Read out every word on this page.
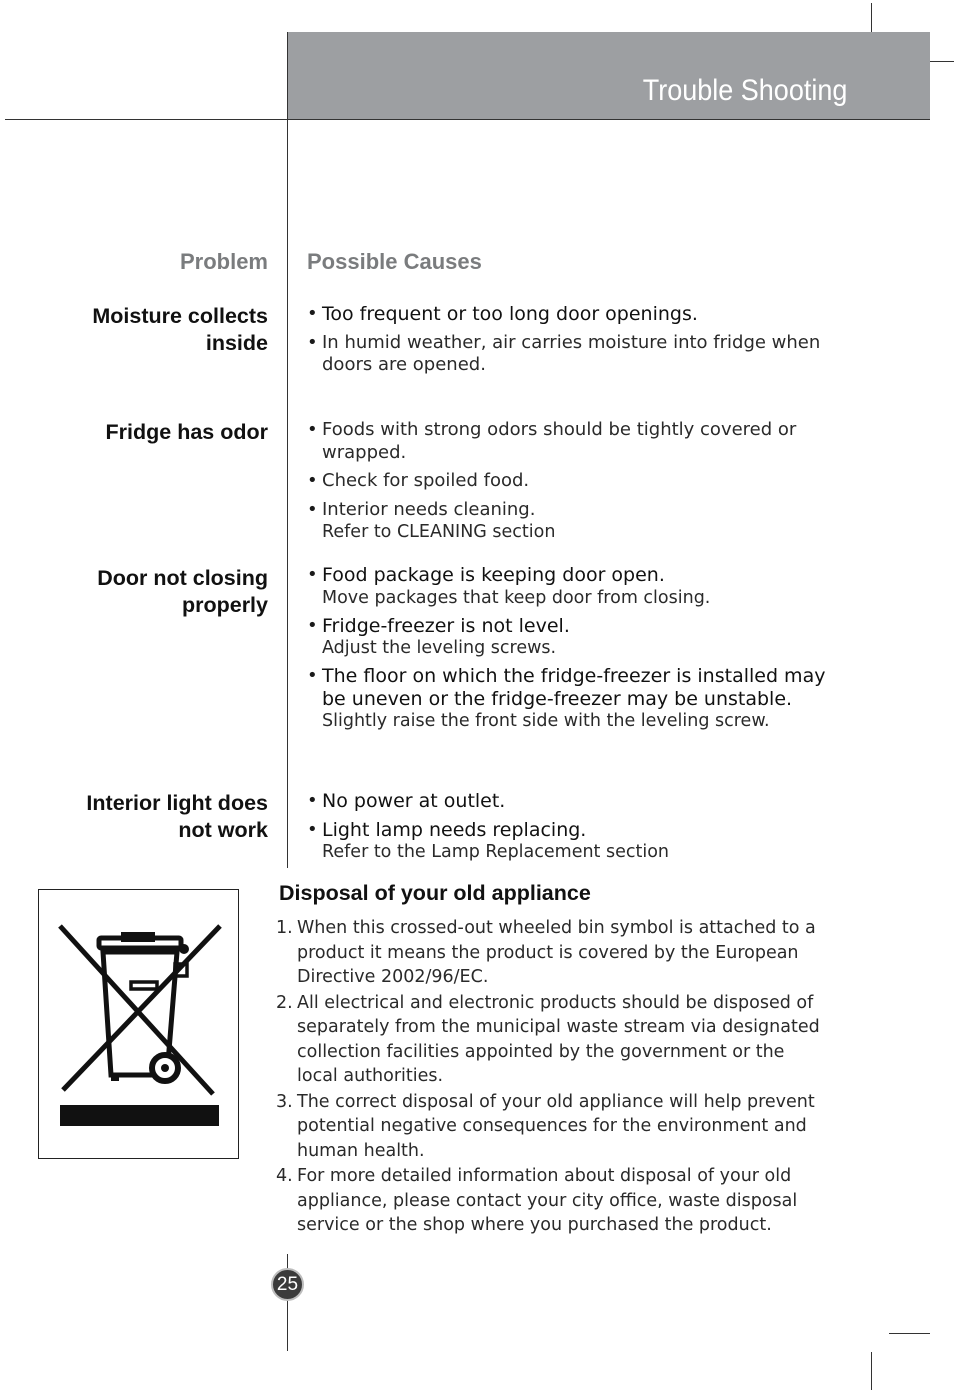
Trouble Shooting
Problem Possible Causes
Moisture collects
inside
• Too frequent or too long door openings.
• In humid weather, air carries moisture into fridge when doors are opened.
Fridge has odor • Foods with strong odors should be tightly covered or wrapped.
• Check for spoiled food.
• Interior needs cleaning.
Refer to CLEANING section
Door not closing
properly
• Food package is keeping door open.
Move packages that keep door from closing.
• Fridge-freezer is not level.
Adjust the leveling screws.
• The floor on which the fridge-freezer is installed may be uneven or the fridge-freezer may be unstable.
Slightly raise the front side with the leveling screw.
Interior light does
not work
• No power at outlet.
• Light lamp needs replacing.
Refer to the Lamp Replacement section
Disposal of your old appliance
1. When this crossed-out wheeled bin symbol is attached to a product it means the product is covered by the European Directive 2002/96/EC.
2. All electrical and electronic products should be disposed of separately from the municipal waste stream via designated collection facilities appointed by the government or the local authorities.
3. The correct disposal of your old appliance will help prevent potential negative consequences for the environment and human health.
4. For more detailed information about disposal of your old appliance, please contact your city office, waste disposal service or the shop where you purchased the product.
25
